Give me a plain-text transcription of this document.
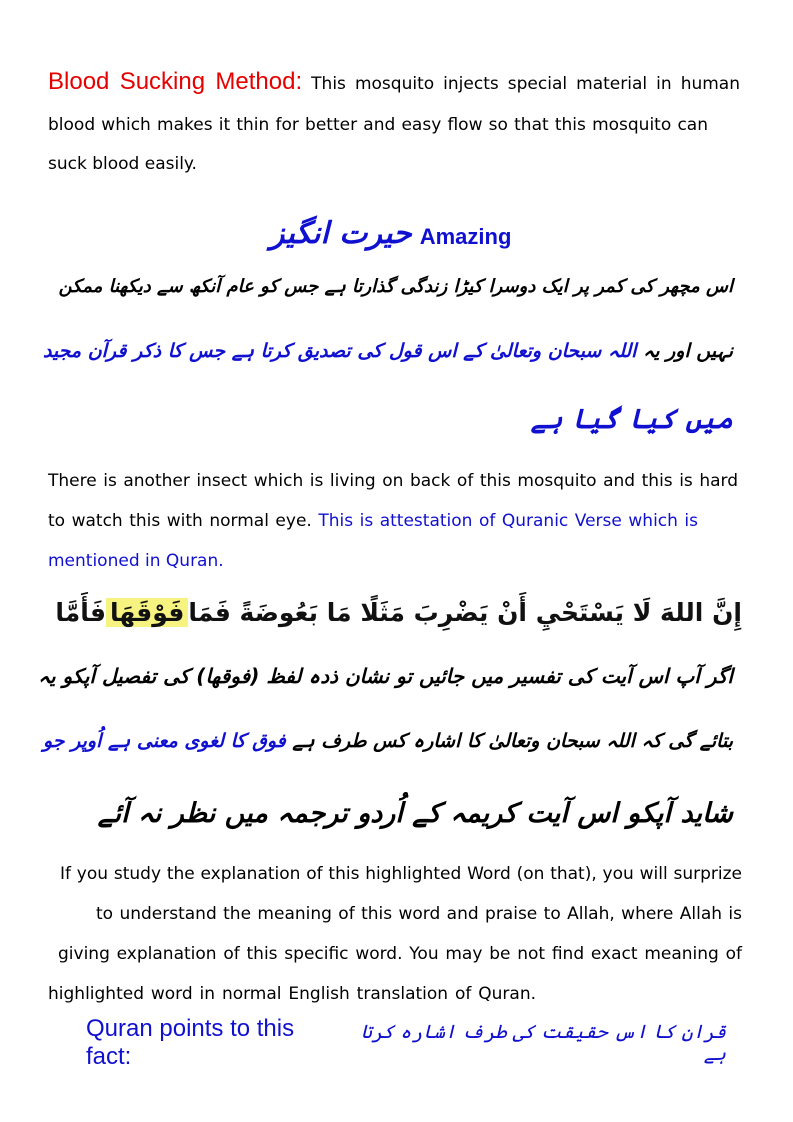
Blood Sucking Method: This mosquito injects special material in human

blood which makes it thin for better and easy flow so that this mosquito can

suck blood easily.

حیرت انگیز Amazing

اس مچھر کی کمر پر ایک دوسرا کیڑا زندگی گذارتا ہے جس کو عام آنکھ سے دیکھنا ممکن

نہیں اور یہ اللہ سبحان وتعالیٰ کے اس قول کی تصدیق کرتا ہے جس کا ذکر قرآن مجید

میں کیا گیا ہے

There is another insect which is living on back of this mosquito and this is hard

to watch this with normal eye. This is attestation of Quranic Verse which is

mentioned in Quran.

إِنَّ اللهَ لَا يَسْتَحْيِ أَنْ يَضْرِبَ مَثَلًا مَا بَعُوضَةً فَمَا
فَوْقَهَا
فَأَمَّا

اگر آپ اس آیت کی تفسیر میں جائیں تو نشان ذدہ لفظ (فوقھا) کی تفصیل آپکو یہ

بتائے گی کہ اللہ سبحان وتعالیٰ کا اشارہ کس طرف ہے فوق کا لغوی معنی ہے اُوپر جو

شاید آپکو اس آیت کریمہ کے اُردو ترجمہ میں نظر نہ آئے

If you study the explanation of this highlighted Word (on that), you will surprize

to understand the meaning of this word and praise to Allah, where Allah is

giving explanation of this specific word. You may be not find exact meaning of

highlighted word in normal English translation of Quran.

Quran points to this fact:
قران کا اس حقیقت کی طرف اشارہ کرتا ہے
